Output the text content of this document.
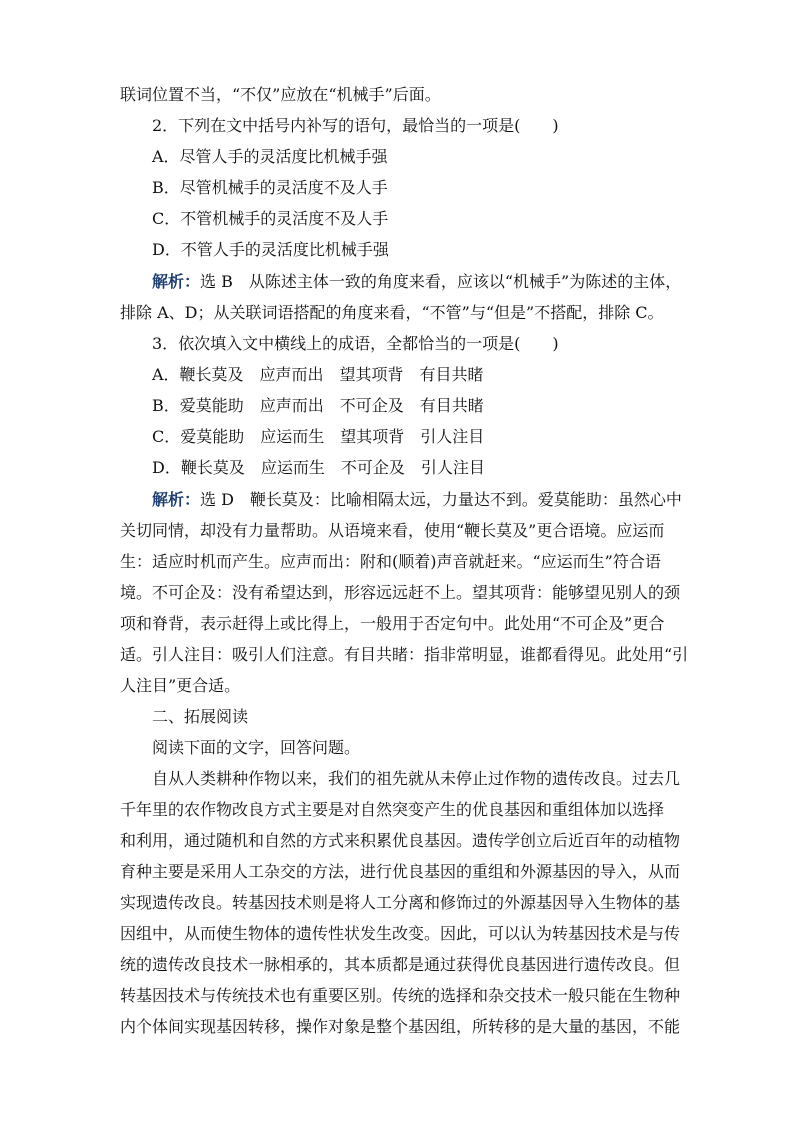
联词位置不当，“不仅”应放在“机械手”后面。
2．下列在文中括号内补写的语句，最恰当的一项是(　　)
A．尽管人手的灵活度比机械手强
B．尽管机械手的灵活度不及人手
C．不管机械手的灵活度不及人手
D．不管人手的灵活度比机械手强
解析：选 B　从陈述主体一致的角度来看，应该以“机械手”为陈述的主体，
排除 A、D；从关联词语搭配的角度来看，“不管”与“但是”不搭配，排除 C。
3．依次填入文中横线上的成语，全都恰当的一项是(　　)
A．鞭长莫及　应声而出　望其项背　有目共睹
B．爱莫能助　应声而出　不可企及　有目共睹
C．爱莫能助　应运而生　望其项背　引人注目
D．鞭长莫及　应运而生　不可企及　引人注目
解析：选 D　鞭长莫及：比喻相隔太远，力量达不到。爱莫能助：虽然心中
关切同情，却没有力量帮助。从语境来看，使用“鞭长莫及”更合语境。应运而
生：适应时机而产生。应声而出：附和(顺着)声音就赶来。“应运而生”符合语
境。不可企及：没有希望达到，形容远远赶不上。望其项背：能够望见别人的颈
项和脊背，表示赶得上或比得上，一般用于否定句中。此处用“不可企及”更合
适。引人注目：吸引人们注意。有目共睹：指非常明显，谁都看得见。此处用“引
人注目”更合适。
二、拓展阅读
阅读下面的文字，回答问题。
自从人类耕种作物以来，我们的祖先就从未停止过作物的遗传改良。过去几
千年里的农作物改良方式主要是对自然突变产生的优良基因和重组体加以选择
和利用，通过随机和自然的方式来积累优良基因。遗传学创立后近百年的动植物
育种主要是采用人工杂交的方法，进行优良基因的重组和外源基因的导入，从而
实现遗传改良。转基因技术则是将人工分离和修饰过的外源基因导入生物体的基
因组中，从而使生物体的遗传性状发生改变。因此，可以认为转基因技术是与传
统的遗传改良技术一脉相承的，其本质都是通过获得优良基因进行遗传改良。但
转基因技术与传统技术也有重要区别。传统的选择和杂交技术一般只能在生物种
内个体间实现基因转移，操作对象是整个基因组，所转移的是大量的基因，不能
